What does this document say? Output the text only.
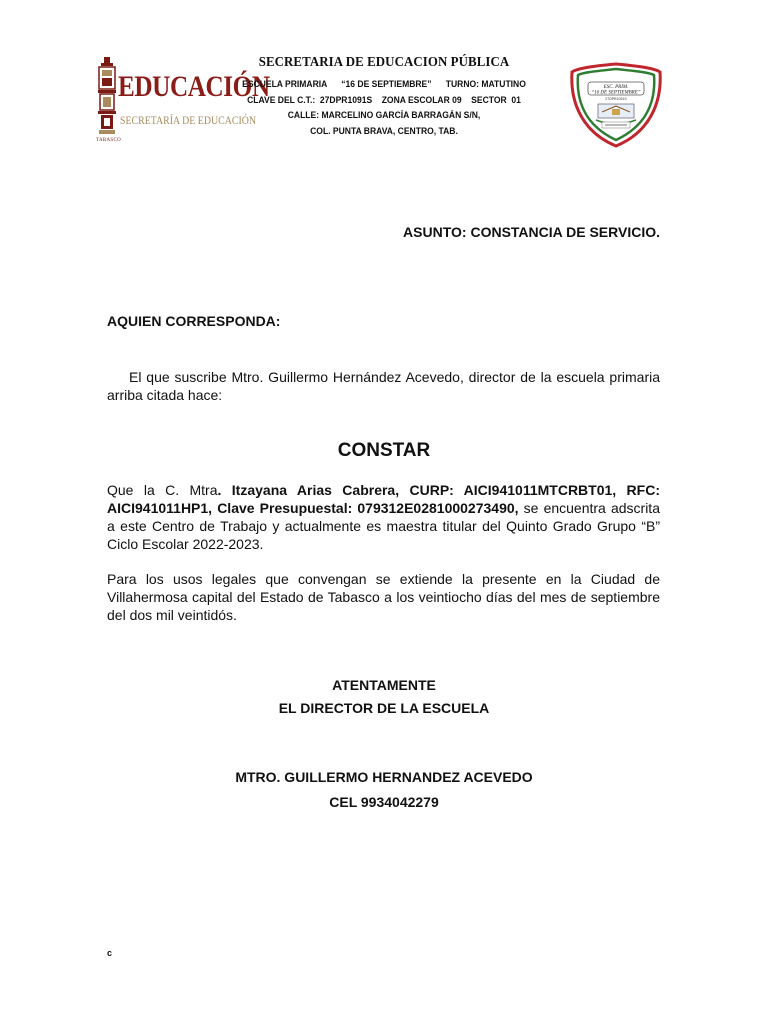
EDUCACIÓN
SECRETARÍA DE EDUCACIÓN
TABASCO
SECRETARIA DE EDUCACION PÚBLICA
ESCUELA PRIMARIA      “16 DE SEPTIEMBRE”      TURNO: MATUTINO
CLAVE DEL C.T.:  27DPR1091S    ZONA ESCOLAR 09    SECTOR  01
CALLE: MARCELINO GARCÍA BARRAGÁN S/N,
COL. PUNTA BRAVA, CENTRO, TAB.
ESC. PRIM.
“16 DE SEPTIEMBRE”
27DPR1091S
ASUNTO: CONSTANCIA DE SERVICIO.
AQUIEN CORRESPONDA:
El que suscribe Mtro. Guillermo Hernández Acevedo, director de la escuela primaria arriba citada hace:
CONSTAR
Que la C. Mtra. Itzayana Arias Cabrera, CURP: AICI941011MTCRBT01, RFC: AICI941011HP1, Clave Presupuestal: 079312E0281000273490, se encuentra adscrita a este Centro de Trabajo y actualmente es maestra titular del Quinto Grado Grupo “B” Ciclo Escolar 2022-2023.
Para los usos legales que convengan se extiende la presente en la Ciudad de Villahermosa capital del Estado de Tabasco a los veintiocho días del mes de septiembre del dos mil veintidós.
ATENTAMENTE
EL DIRECTOR DE LA ESCUELA
MTRO. GUILLERMO HERNANDEZ ACEVEDO
CEL 9934042279
c
